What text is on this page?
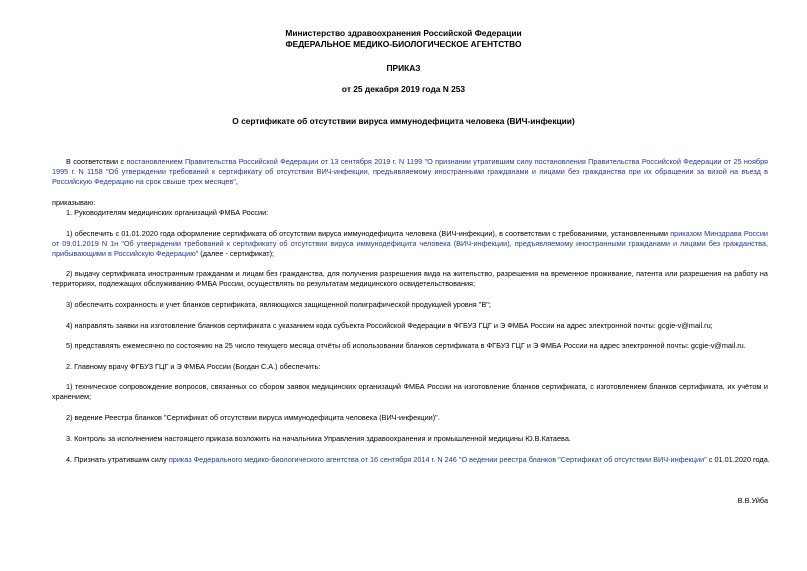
Министерство здравоохранения Российской Федерации
ФЕДЕРАЛЬНОЕ МЕДИКО-БИОЛОГИЧЕСКОЕ АГЕНТСТВО
ПРИКАЗ
от 25 декабря 2019 года N 253
О сертификате об отсутствии вируса иммунодефицита человека (ВИЧ-инфекции)
В соответствии с постановлением Правительства Российской Федерации от 13 сентября 2019 г. N 1199 "О признании утратившим силу постановления Правительства Российской Федерации от 25 ноября 1995 г. N 1158 "Об утверждении требований к сертификату об отсутствии ВИЧ-инфекции, предъявляемому иностранными гражданами и лицами без гражданства при их обращении за визой на въезд в Российскую Федерацию на срок свыше трех месяцев",
приказываю:
1. Руководителям медицинских организаций ФМБА России:
1) обеспечить с 01.01.2020 года оформление сертификата об отсутствии вируса иммунодефицита человека (ВИЧ-инфекции), в соответствии с требованиями, установленными приказом Минздрава России от 09.01.2019 N 1н "Об утверждении требований к сертификату об отсутствии вируса иммунодефицита человека (ВИЧ-инфекции), предъявляемому иностранными гражданами и лицами без гражданства, прибывающими в Российскую Федерацию" (далее - сертификат);
2) выдачу сертификата иностранным гражданам и лицам без гражданства, для получения разрешения вида на жительство, разрешения на временное проживание, патента или разрешения на работу на территориях, подлежащих обслуживанию ФМБА России, осуществлять по результатам медицинского освидетельствования;
3) обеспечить сохранность и учет бланков сертификата, являющихся защищенной полиграфической продукцией уровня "В";
4) направлять заявки на изготовление бланков сертификата с указанием кода субъекта Российской Федерации в ФГБУЗ ГЦГ и Э ФМБА России на адрес электронной почты: gcgie-v@mail.ru;
5) представлять ежемесячно по состоянию на 25 число текущего месяца отчёты об использовании бланков сертификата в ФГБУЗ ГЦГ и Э ФМБА России на адрес электронной почты: gcgie-v@mail.ru.
2. Главному врачу ФГБУЗ ГЦГ и Э ФМБА России (Богдан С.А.) обеспечить:
1) техническое сопровождение вопросов, связанных со сбором заявок медицинских организаций ФМБА России на изготовление бланков сертификата, с изготовлением бланков сертификата, их учётом и хранением;
2) ведение Реестра бланков "Сертификат об отсутствии вируса иммунодефицита человека (ВИЧ-инфекции)".
3. Контроль за исполнением настоящего приказа возложить на начальника Управления здравоохранения и промышленной медицины Ю.В.Катаева.
4. Признать утратившим силу приказ Федерального медико-биологического агентства от 16 сентября 2014 г. N 246 "О ведении реестра бланков "Сертификат об отсутствии ВИЧ-инфекции" с 01.01.2020 года.
В.В.Уйба
